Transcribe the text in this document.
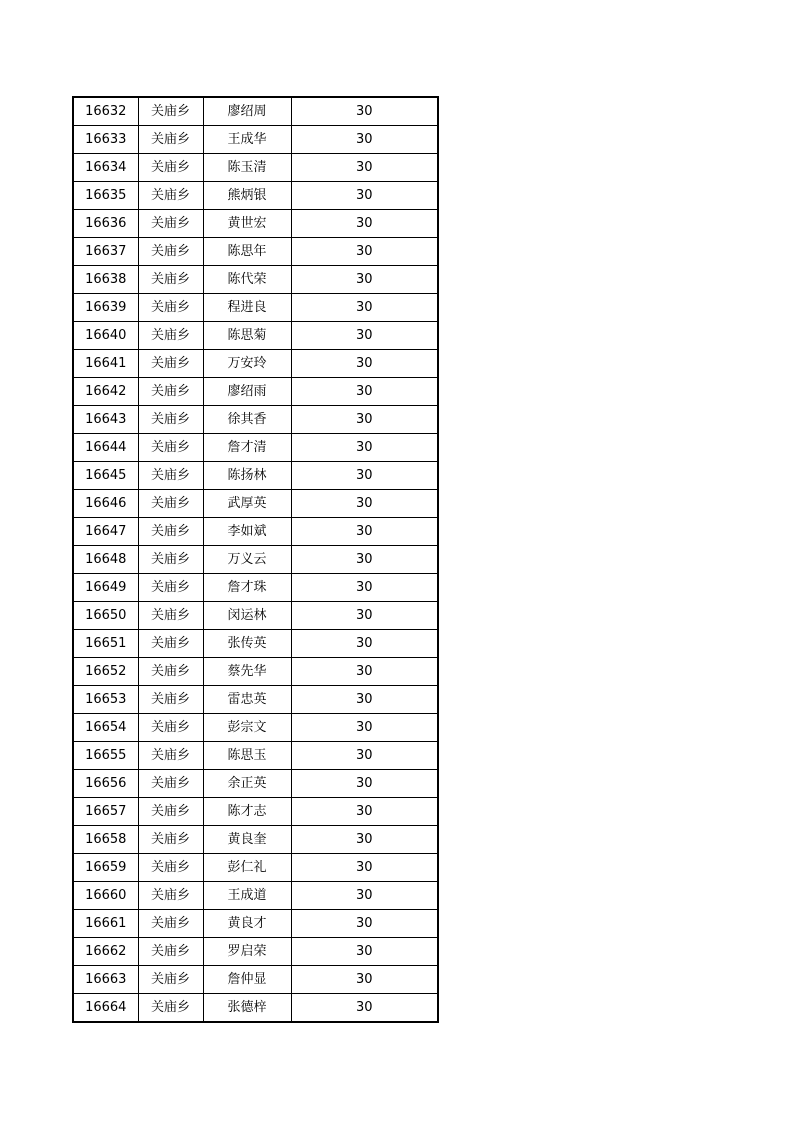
16632	关庙乡	廖绍周	30
16633	关庙乡	王成华	30
16634	关庙乡	陈玉清	30
16635	关庙乡	熊炳银	30
16636	关庙乡	黄世宏	30
16637	关庙乡	陈思年	30
16638	关庙乡	陈代荣	30
16639	关庙乡	程进良	30
16640	关庙乡	陈思菊	30
16641	关庙乡	万安玲	30
16642	关庙乡	廖绍雨	30
16643	关庙乡	徐其香	30
16644	关庙乡	詹才清	30
16645	关庙乡	陈扬林	30
16646	关庙乡	武厚英	30
16647	关庙乡	李如斌	30
16648	关庙乡	万义云	30
16649	关庙乡	詹才珠	30
16650	关庙乡	闵运林	30
16651	关庙乡	张传英	30
16652	关庙乡	蔡先华	30
16653	关庙乡	雷忠英	30
16654	关庙乡	彭宗文	30
16655	关庙乡	陈思玉	30
16656	关庙乡	余正英	30
16657	关庙乡	陈才志	30
16658	关庙乡	黄良奎	30
16659	关庙乡	彭仁礼	30
16660	关庙乡	王成道	30
16661	关庙乡	黄良才	30
16662	关庙乡	罗启荣	30
16663	关庙乡	詹仲显	30
16664	关庙乡	张德梓	30
